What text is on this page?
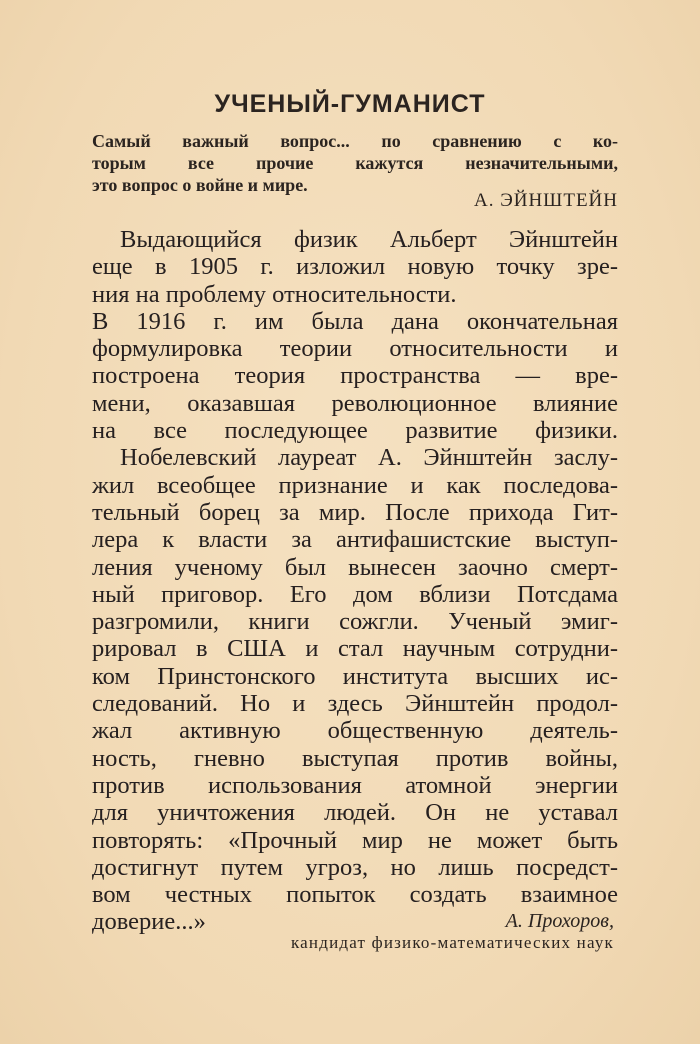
УЧЕНЫЙ-ГУМАНИСТ
Самый важный вопрос... по сравнению с ко-
торым все прочие кажутся незначительными,
это вопрос о войне и мире.
А. ЭЙНШТЕЙН
Выдающийся физик Альберт Эйнштейн
еще в 1905 г. изложил новую точку зре-
ния на проблему относительности.
В 1916 г. им была дана окончательная
формулировка теории относительности и
построена теория пространства — вре-
мени, оказавшая революционное влияние
на все последующее развитие физики.
Нобелевский лауреат А. Эйнштейн заслу-
жил всеобщее признание и как последова-
тельный борец за мир. После прихода Гит-
лера к власти за антифашистские выступ-
ления ученому был вынесен заочно смерт-
ный приговор. Его дом вблизи Потсдама
разгромили, книги сожгли. Ученый эмиг-
рировал в США и стал научным сотрудни-
ком Принстонского института высших ис-
следований. Но и здесь Эйнштейн продол-
жал активную общественную деятель-
ность, гневно выступая против войны,
против использования атомной энергии
для уничтожения людей. Он не уставал
повторять: «Прочный мир не может быть
достигнут путем угроз, но лишь посредст-
вом честных попыток создать взаимное
доверие...»	А. Прохоров,
кандидат физико-математических наук
